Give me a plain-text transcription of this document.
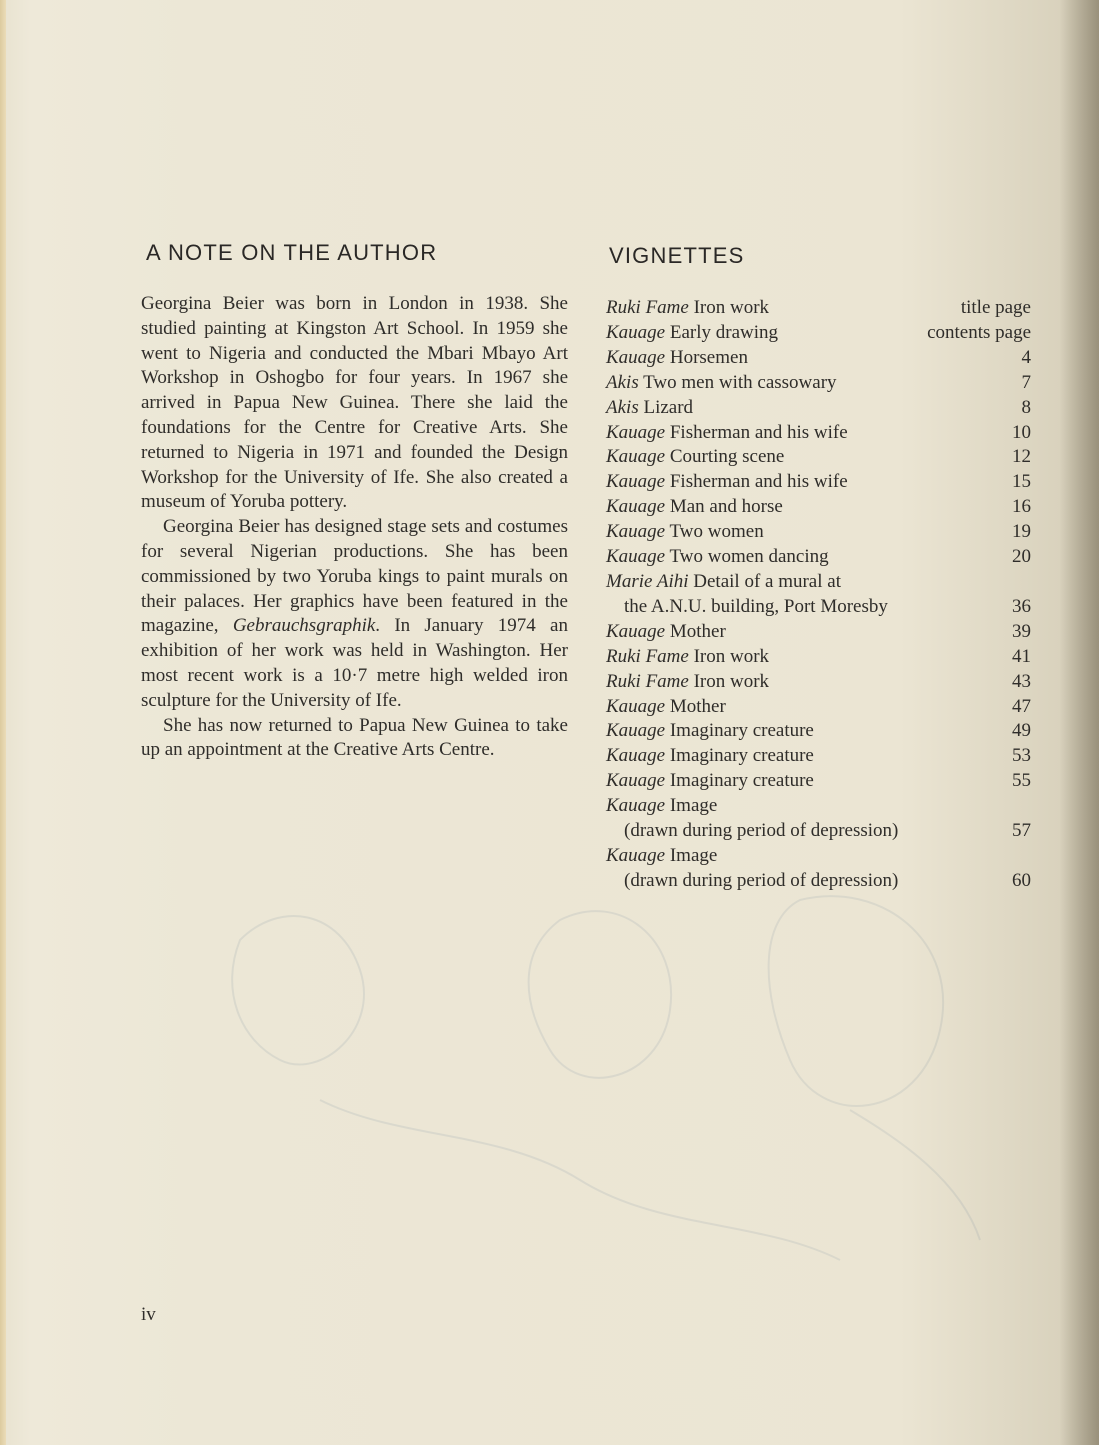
A NOTE ON THE AUTHOR

Georgina Beier was born in London in 1938. She studied painting at Kingston Art School. In 1959 she went to Nigeria and conducted the Mbari Mbayo Art Workshop in Oshogbo for four years. In 1967 she arrived in Papua New Guinea. There she laid the foundations for the Centre for Creative Arts. She returned to Nigeria in 1971 and founded the Design Workshop for the University of Ife. She also created a museum of Yoruba pottery.

Georgina Beier has designed stage sets and costumes for several Nigerian productions. She has been commissioned by two Yoruba kings to paint murals on their palaces. Her graphics have been featured in the magazine, Gebrauchsgraphik. In January 1974 an exhibition of her work was held in Washington. Her most recent work is a 10·7 metre high welded iron sculpture for the University of Ife.

She has now returned to Papua New Guinea to take up an appointment at the Creative Arts Centre.

VIGNETTES
Ruki Fame Iron work	title page
Kauage Early drawing	contents page
Kauage Horsemen	4
Akis Two men with cassowary	7
Akis Lizard	8
Kauage Fisherman and his wife	10
Kauage Courting scene	12
Kauage Fisherman and his wife	15
Kauage Man and horse	16
Kauage Two women	19
Kauage Two women dancing	20
Marie Aihi Detail of a mural at
the A.N.U. building, Port Moresby	36
Kauage Mother	39
Ruki Fame Iron work	41
Ruki Fame Iron work	43
Kauage Mother	47
Kauage Imaginary creature	49
Kauage Imaginary creature	53
Kauage Imaginary creature	55
Kauage Image
(drawn during period of depression)	57
Kauage Image
(drawn during period of depression)	60

iv
